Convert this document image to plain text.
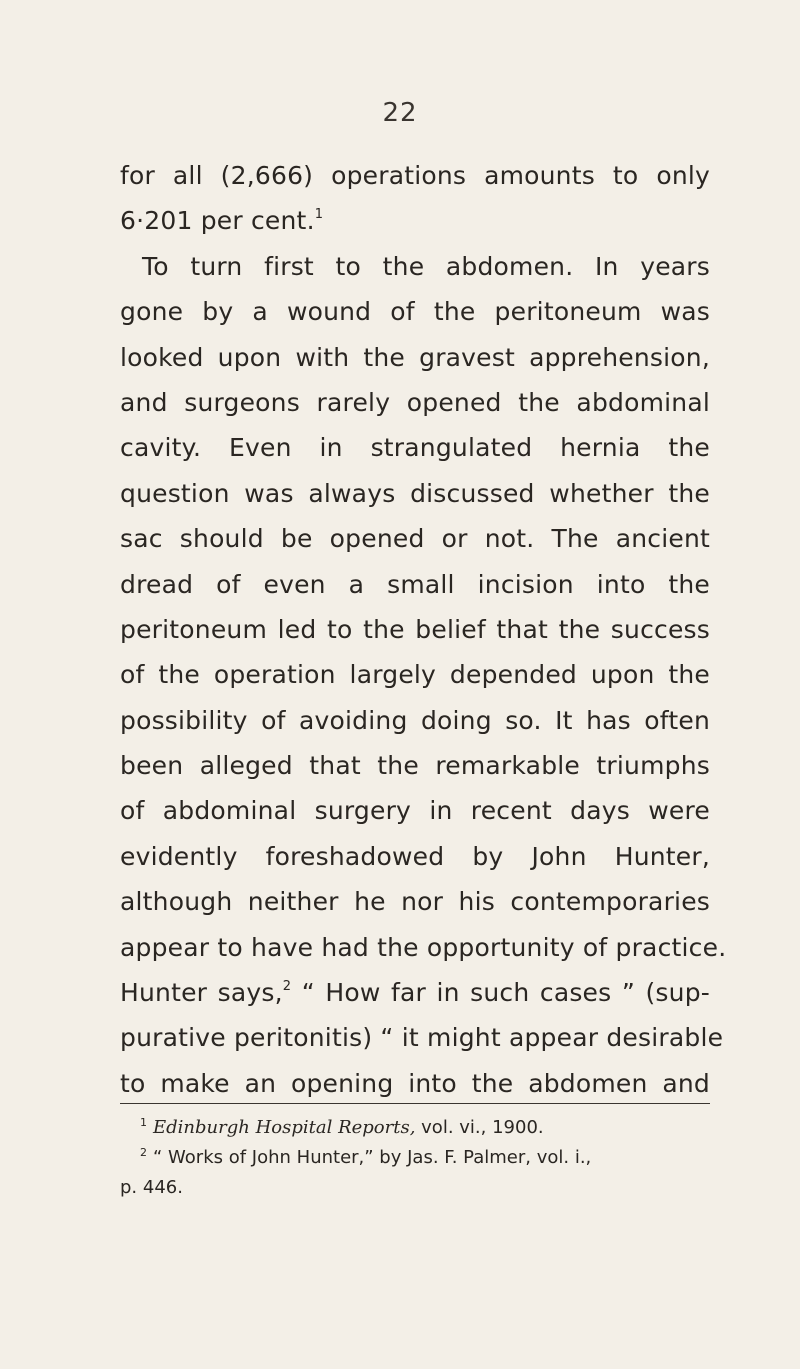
22
for all (2,666) operations amounts to only
6·201 per cent.$^1$
To turn first to the abdomen. In years
gone by a wound of the peritoneum was
looked upon with the gravest apprehension,
and surgeons rarely opened the abdominal
cavity. Even in strangulated hernia the
question was always discussed whether the
sac should be opened or not. The ancient
dread of even a small incision into the
peritoneum led to the belief that the success
of the operation largely depended upon the
possibility of avoiding doing so. It has often
been alleged that the remarkable triumphs
of abdominal surgery in recent days were
evidently foreshadowed by John Hunter,
although neither he nor his contemporaries
appear to have had the opportunity of practice.
Hunter says,$^2$ “ How far in such cases ” (sup-
purative peritonitis) “ it might appear desirable
to make an opening into the abdomen and
$^1$ Edinburgh Hospital Reports, vol. vi., 1900.
$^2$ “ Works of John Hunter,” by Jas. F. Palmer, vol. i.,
p. 446.
